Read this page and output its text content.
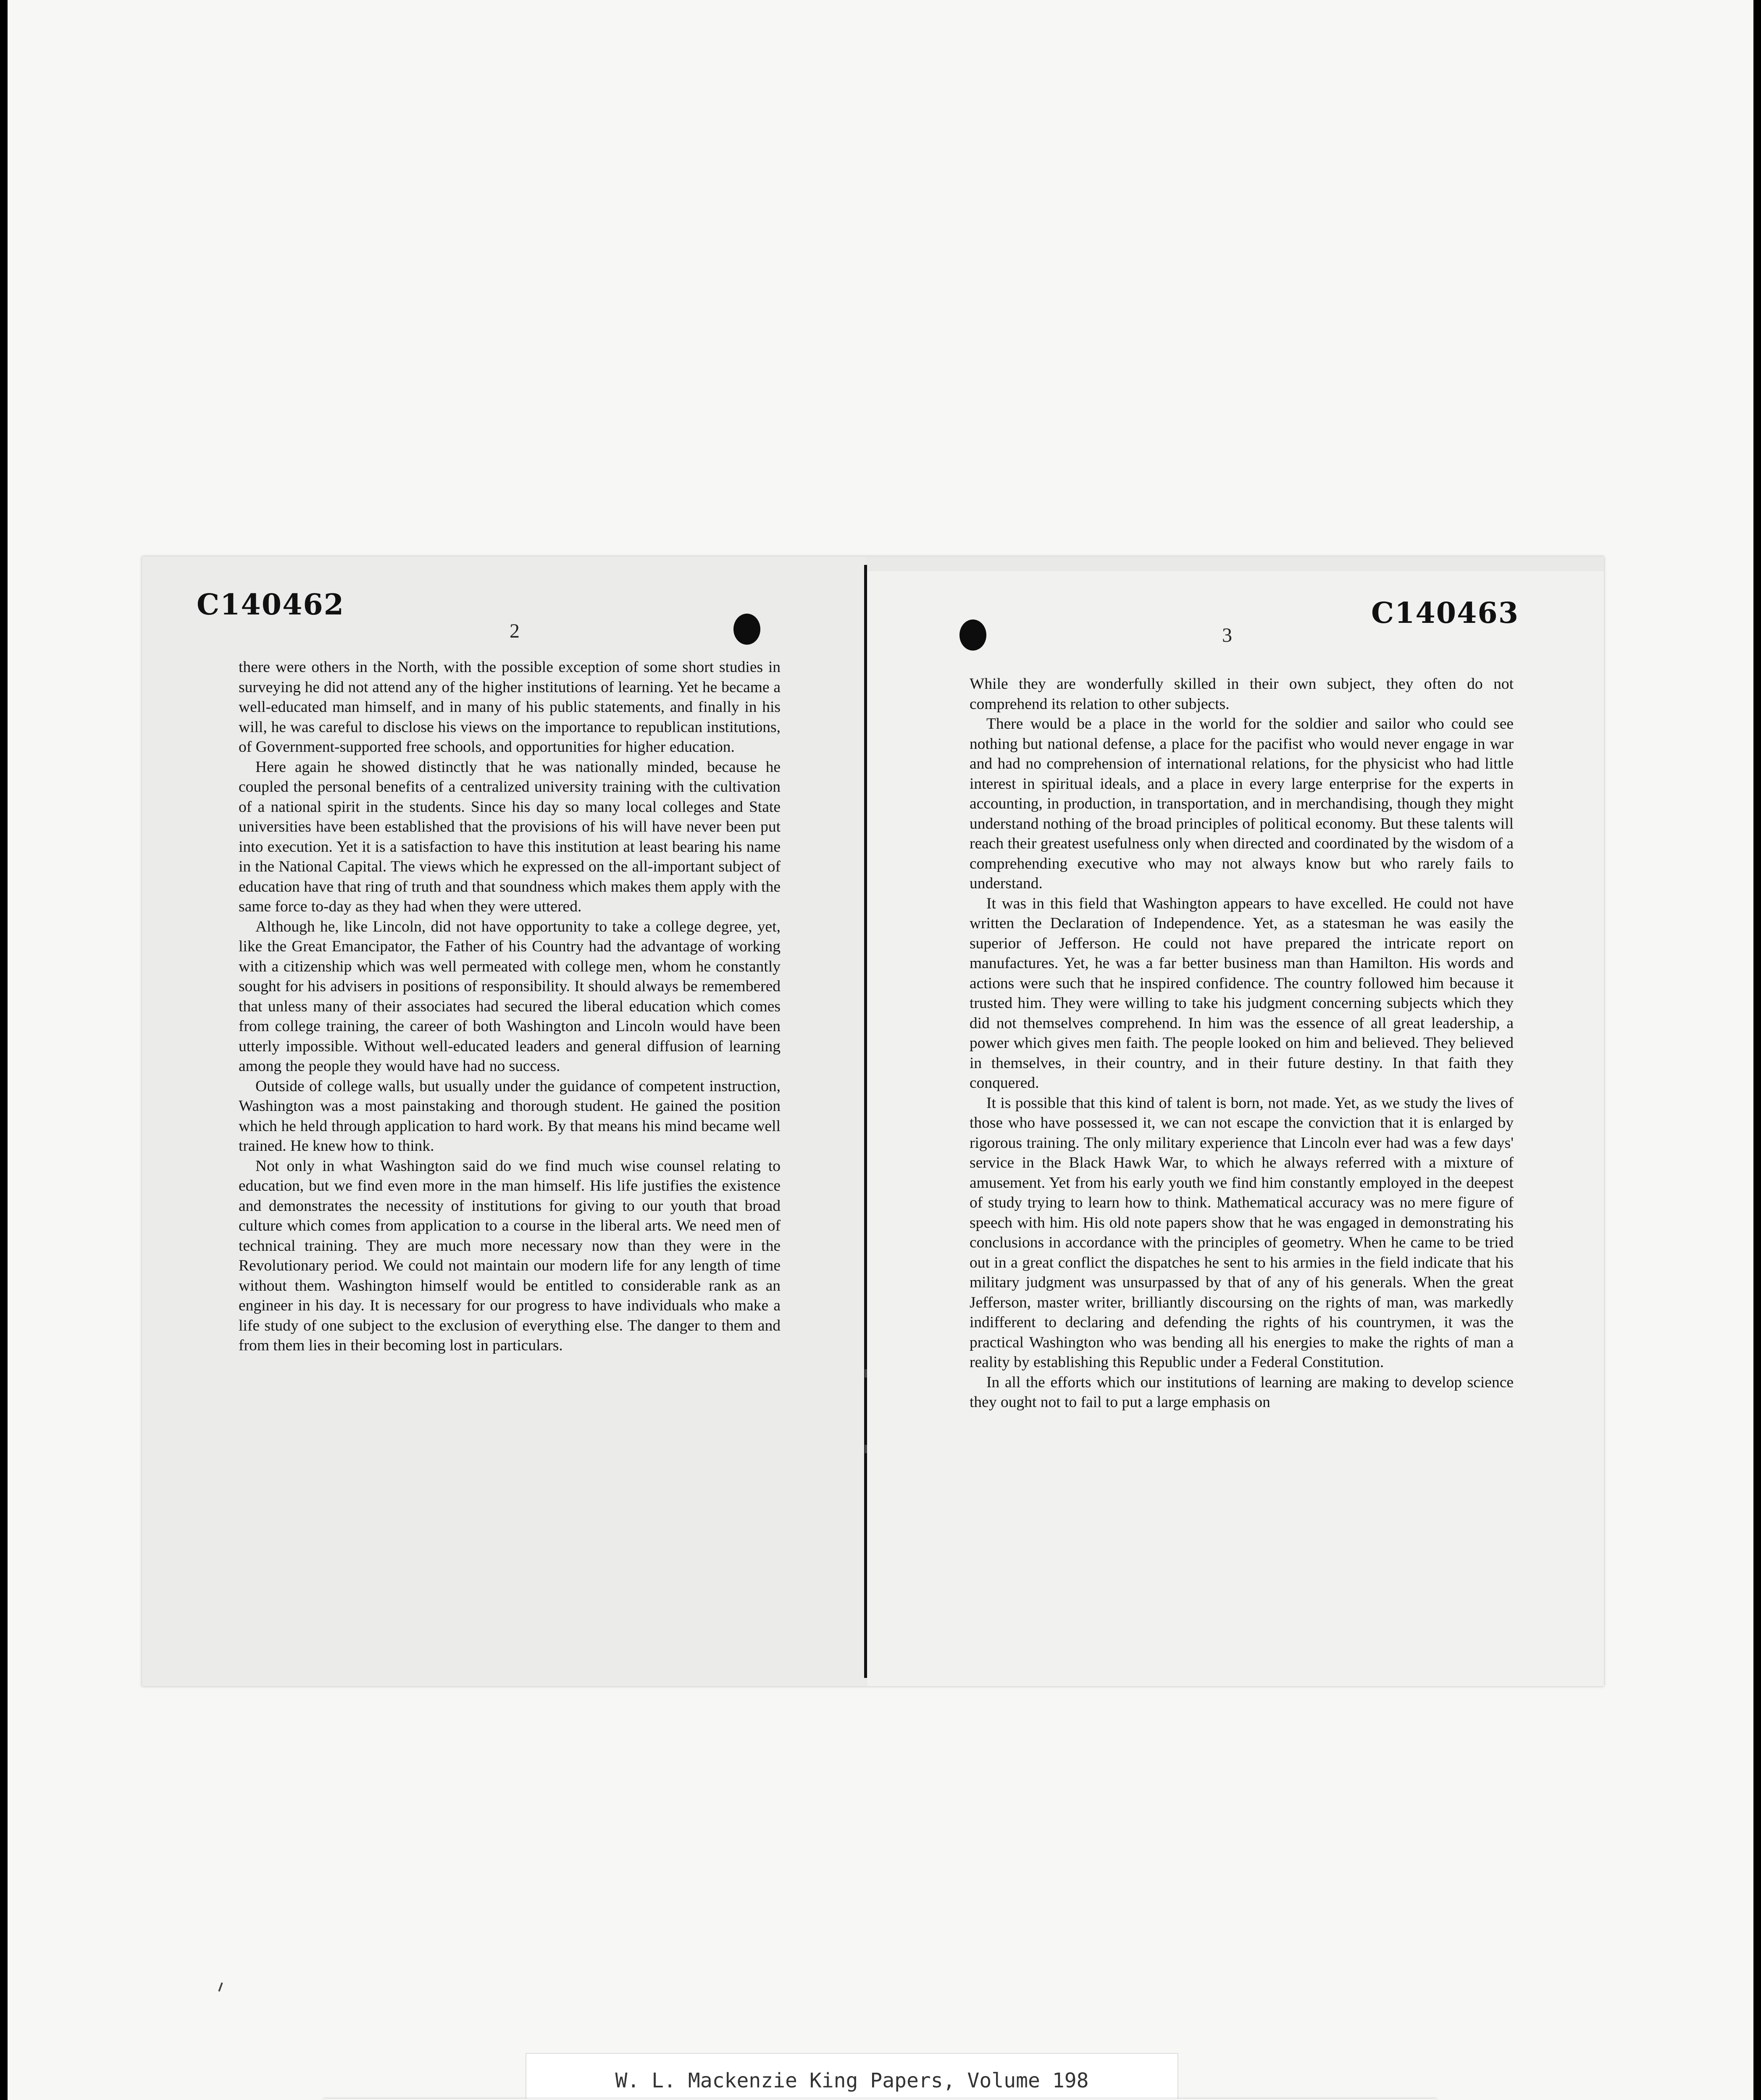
C140462
2

there were others in the North, with the possible exception of some short studies in surveying he did not attend any of the higher institutions of learning. Yet he became a well-educated man himself, and in many of his public statements, and finally in his will, he was careful to disclose his views on the importance to republican institutions, of Government-supported free schools, and opportunities for higher education.

Here again he showed distinctly that he was nationally minded, because he coupled the personal benefits of a centralized university training with the cultivation of a national spirit in the students. Since his day so many local colleges and State universities have been established that the provisions of his will have never been put into execution. Yet it is a satisfaction to have this institution at least bearing his name in the National Capital. The views which he expressed on the all-important subject of education have that ring of truth and that soundness which makes them apply with the same force to-day as they had when they were uttered.

Although he, like Lincoln, did not have opportunity to take a college degree, yet, like the Great Emancipator, the Father of his Country had the advantage of working with a citizenship which was well permeated with college men, whom he constantly sought for his advisers in positions of responsibility. It should always be remembered that unless many of their associates had secured the liberal education which comes from college training, the career of both Washington and Lincoln would have been utterly impossible. Without well-educated leaders and general diffusion of learning among the people they would have had no success.

Outside of college walls, but usually under the guidance of competent instruction, Washington was a most painstaking and thorough student. He gained the position which he held through application to hard work. By that means his mind became well trained. He knew how to think.

Not only in what Washington said do we find much wise counsel relating to education, but we find even more in the man himself. His life justifies the existence and demonstrates the necessity of institutions for giving to our youth that broad culture which comes from application to a course in the liberal arts. We need men of technical training. They are much more necessary now than they were in the Revolutionary period. We could not maintain our modern life for any length of time without them. Washington himself would be entitled to considerable rank as an engineer in his day. It is necessary for our progress to have individuals who make a life study of one subject to the exclusion of everything else. The danger to them and from them lies in their becoming lost in particulars.

C140463
3

While they are wonderfully skilled in their own subject, they often do not comprehend its relation to other subjects.

There would be a place in the world for the soldier and sailor who could see nothing but national defense, a place for the pacifist who would never engage in war and had no comprehension of international relations, for the physicist who had little interest in spiritual ideals, and a place in every large enterprise for the experts in accounting, in production, in transportation, and in merchandising, though they might understand nothing of the broad principles of political economy. But these talents will reach their greatest usefulness only when directed and coordinated by the wisdom of a comprehending executive who may not always know but who rarely fails to understand.

It was in this field that Washington appears to have excelled. He could not have written the Declaration of Independence. Yet, as a statesman he was easily the superior of Jefferson. He could not have prepared the intricate report on manufactures. Yet, he was a far better business man than Hamilton. His words and actions were such that he inspired confidence. The country followed him because it trusted him. They were willing to take his judgment concerning subjects which they did not themselves comprehend. In him was the essence of all great leadership, a power which gives men faith. The people looked on him and believed. They believed in themselves, in their country, and in their future destiny. In that faith they conquered.

It is possible that this kind of talent is born, not made. Yet, as we study the lives of those who have possessed it, we can not escape the conviction that it is enlarged by rigorous training. The only military experience that Lincoln ever had was a few days' service in the Black Hawk War, to which he always referred with a mixture of amusement. Yet from his early youth we find him constantly employed in the deepest of study trying to learn how to think. Mathematical accuracy was no mere figure of speech with him. His old note papers show that he was engaged in demonstrating his conclusions in accordance with the principles of geometry. When he came to be tried out in a great conflict the dispatches he sent to his armies in the field indicate that his military judgment was unsurpassed by that of any of his generals. When the great Jefferson, master writer, brilliantly discoursing on the rights of man, was markedly indifferent to declaring and defending the rights of his countrymen, it was the practical Washington who was bending all his energies to make the rights of man a reality by establishing this Republic under a Federal Constitution.

In all the efforts which our institutions of learning are making to develop science they ought not to fail to put a large emphasis on

W. L. Mackenzie King Papers, Volume 198
